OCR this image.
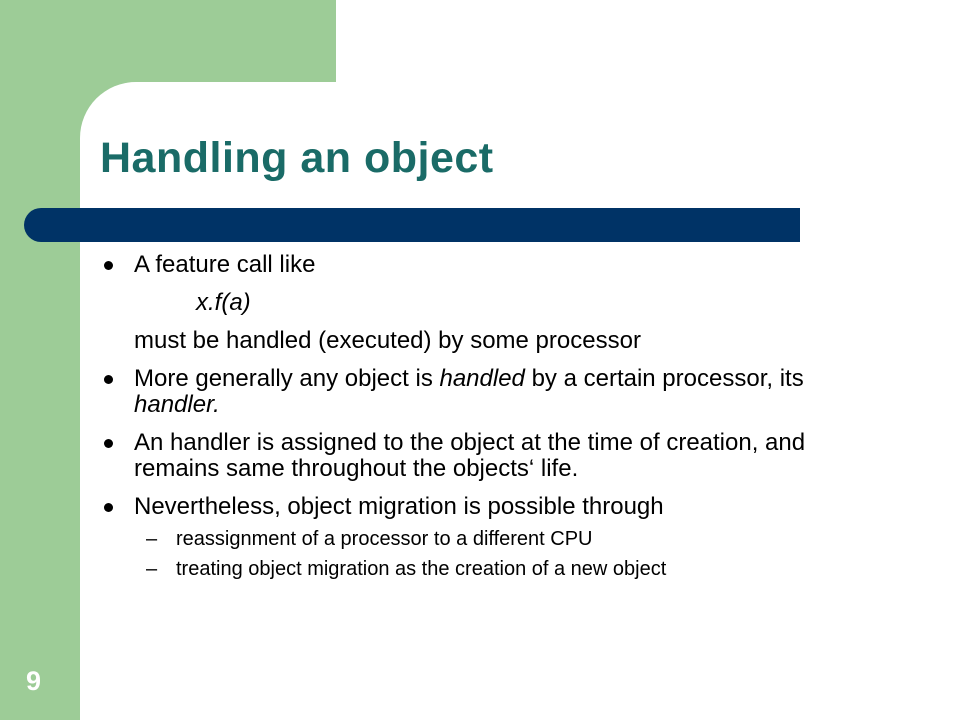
Handling an object
A feature call like
x.f(a)
must be handled (executed) by some processor
More generally any object is handled by a certain processor, its handler.
An handler is assigned to the object at the time of creation, and remains same throughout the objects‘ life.
Nevertheless, object migration is possible through
– reassignment of a processor to a different CPU
– treating object migration as the creation of a new object
9
